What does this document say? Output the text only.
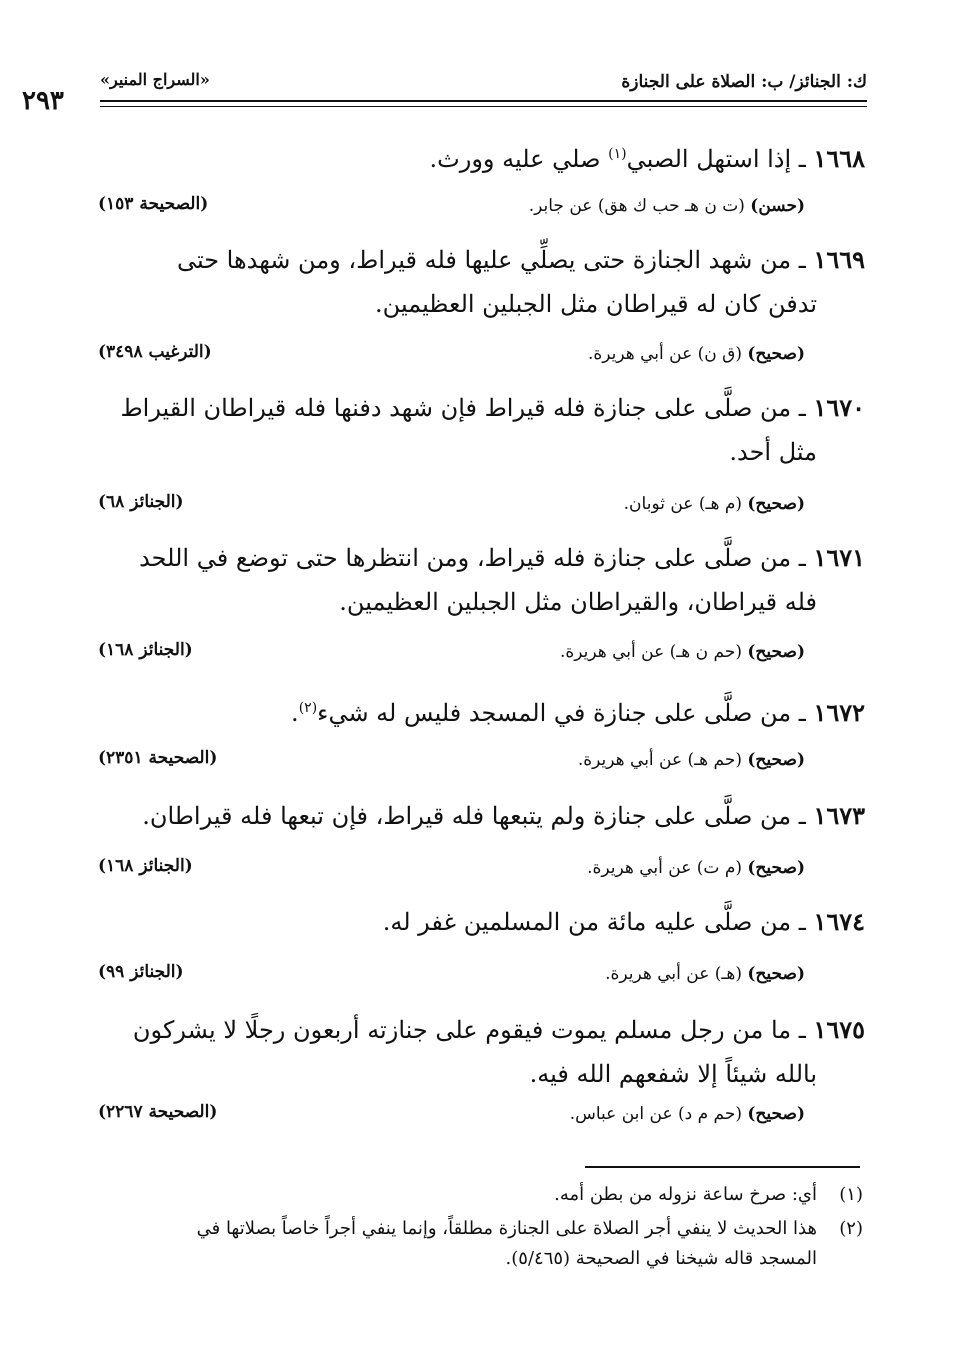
٢٩٣
«السراج المنير»	ك: الجنائز/ ب: الصلاة على الجنازة
١٦٦٨ ـ إذا استهل الصبي$^{(١)}$ صلي عليه وورث.
(حسن) (ت ن هـ حب ك هق) عن جابر.
(الصحيحة ١٥٣)
١٦٦٩ ـ من شهد الجنازة حتى يصلِّي عليها فله قيراط، ومن شهدها حتى
تدفن كان له قيراطان مثل الجبلين العظيمين.
(صحيح) (ق ن) عن أبي هريرة.
(الترغيب ٣٤٩٨)
١٦٧٠ ـ من صلَّى على جنازة فله قيراط فإن شهد دفنها فله قيراطان القيراط
مثل أحد.
(صحيح) (م هـ) عن ثوبان.
(الجنائز ٦٨)
١٦٧١ ـ من صلَّى على جنازة فله قيراط، ومن انتظرها حتى توضع في اللحد
فله قيراطان، والقيراطان مثل الجبلين العظيمين.
(صحيح) (حم ن هـ) عن أبي هريرة.
(الجنائز ١٦٨)
١٦٧٢ ـ من صلَّى على جنازة في المسجد فليس له شيء$^{(٢)}$.
(صحيح) (حم هـ) عن أبي هريرة.
(الصحيحة ٢٣٥١)
١٦٧٣ ـ من صلَّى على جنازة ولم يتبعها فله قيراط، فإن تبعها فله قيراطان.
(صحيح) (م ت) عن أبي هريرة.
(الجنائز ١٦٨)
١٦٧٤ ـ من صلَّى عليه مائة من المسلمين غفر له.
(صحيح) (هـ) عن أبي هريرة.
(الجنائز ٩٩)
١٦٧٥ ـ ما من رجل مسلم يموت فيقوم على جنازته أربعون رجلًا لا يشركون
بالله شيئاً إلا شفعهم الله فيه.
(صحيح) (حم م د) عن ابن عباس.
(الصحيحة ٢٢٦٧)
(١)أي: صرخ ساعة نزوله من بطن أمه.
(٢)هذا الحديث لا ينفي أجر الصلاة على الجنازة مطلقاً، وإنما ينفي أجراً خاصاً بصلاتها في
المسجد قاله شيخنا في الصحيحة (٥/٤٦٥).
